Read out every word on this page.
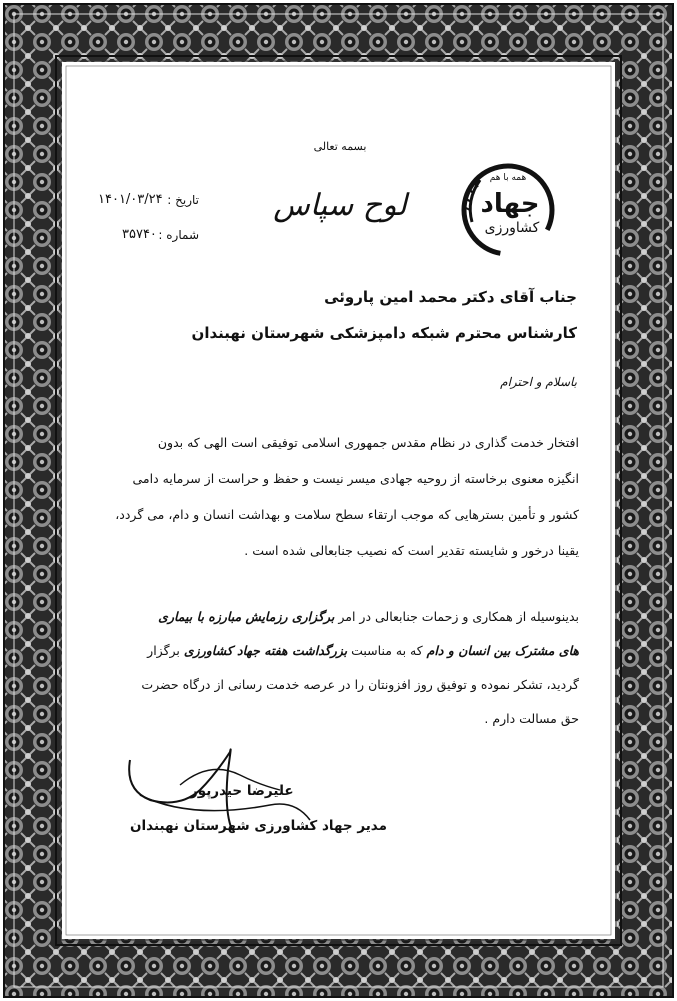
همه با هم
جهاد
کشاورزی
بسمه تعالی
لوح سپاس
تاریخ :
۱۴۰۱/۰۳/۲۴
شماره :
۳۵۷۴۰
جناب آقای دکتر محمد امین پاروئی
کارشناس محترم شبکه دامپزشکی شهرستان نهبندان
باسلام و احترام
افتخار خدمت گذاری در نظام مقدس جمهوری اسلامی توفیقی است الهی که بدون
انگیزه معنوی برخاسته از روحیه جهادی میسر نیست و حفظ و حراست از سرمایه دامی
کشور و تأمین بسترهایی که موجب ارتقاء سطح سلامت و بهداشت انسان و دام، می گردد،
یقینا درخور و شایسته تقدیر است که نصیب جنابعالی شده است .
بدینوسیله از همکاری و زحمات جنابعالی در امر برگزاری رزمایش مبارزه با بیماری
های مشترک بین انسان و دام که به مناسبت بزرگداشت هفته جهاد کشاورزی برگزار
گردید، تشکر نموده و توفیق روز افزونتان را در عرصه خدمت رسانی از درگاه حضرت
حق مسالت دارم .
علیرضا حیدرپور
مدیر جهاد کشاورزی شهرستان نهبندان
